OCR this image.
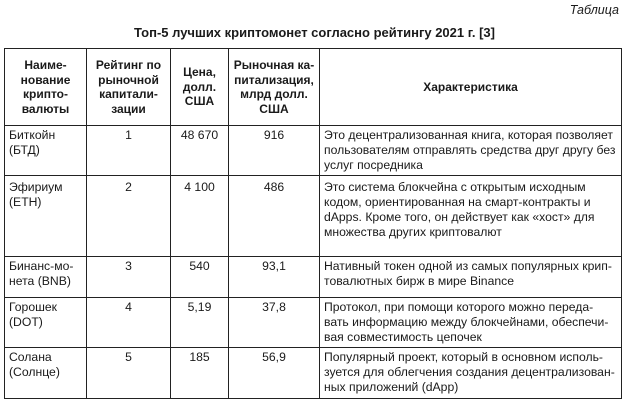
Таблица
Топ-5 лучших криптомонет согласно рейтингу 2021 г. [3]
Наиме-нование крипто-валюты	Рейтинг по рыночной капитали-зации	Цена, долл. США	Рыночная ка-питализация, млрд долл. США	Характеристика
Биткойн (БТД)	1	48 670	916	Это децентрализованная книга, которая позволяет пользователям отправлять средства друг другу без услуг посредника
Эфириум (ETH)	2	4 100	486	Это система блокчейна с открытым исходным кодом, ориентированная на смарт-контракты и dApps. Кроме того, он действует как «хост» для множества других криптовалют
Бинанс-мо-нета (BNB)	3	540	93,1	Нативный токен одной из самых популярных крип-товалютных бирж в мире Binance
Горошек (DOT)	4	5,19	37,8	Протокол, при помощи которого можно переда-вать информацию между блокчейнами, обеспечи-вая совместимость цепочек
Солана (Солнце)	5	185	56,9	Популярный проект, который в основном исполь-зуется для облегчения создания децентрализован-ных приложений (dApp)
